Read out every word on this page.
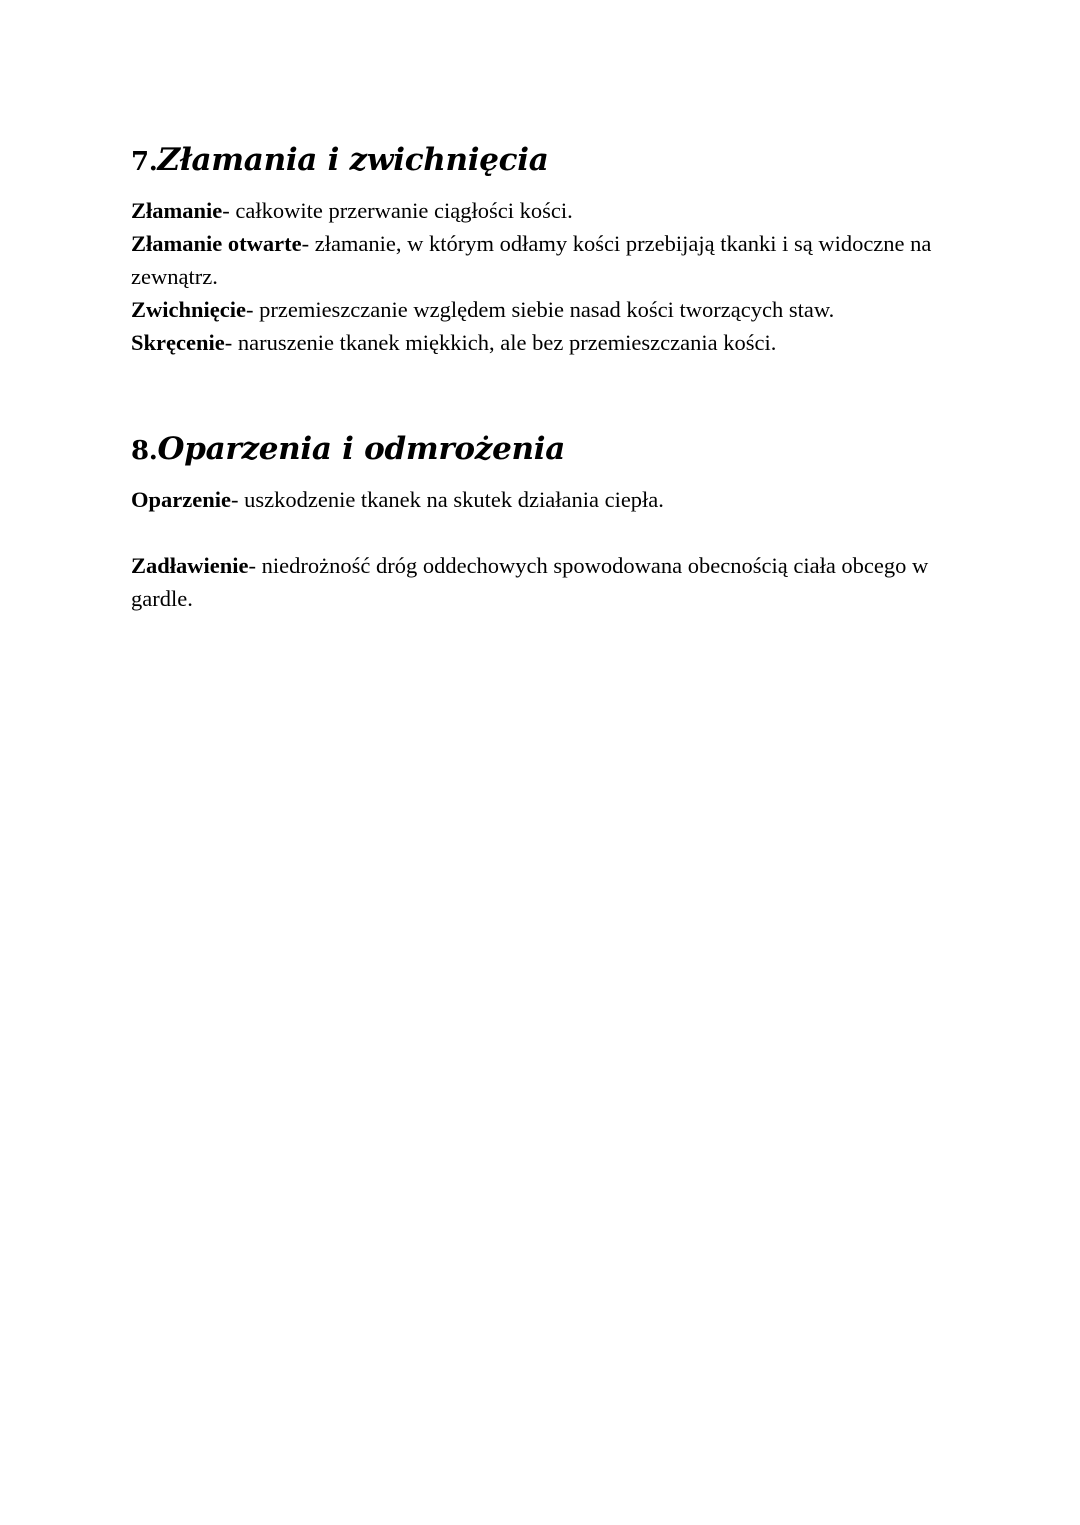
7.Złamania i zwichnięcia

Złamanie- całkowite przerwanie ciągłości kości.

Złamanie otwarte- złamanie, w którym odłamy kości przebijają tkanki i są widoczne na zewnątrz.

Zwichnięcie- przemieszczanie względem siebie nasad kości tworzących staw.

Skręcenie- naruszenie tkanek miękkich, ale bez przemieszczania kości.

8.Oparzenia i odmrożenia

Oparzenie- uszkodzenie tkanek na skutek działania ciepła.

Zadławienie- niedrożność dróg oddechowych spowodowana obecnością ciała obcego w gardle.
